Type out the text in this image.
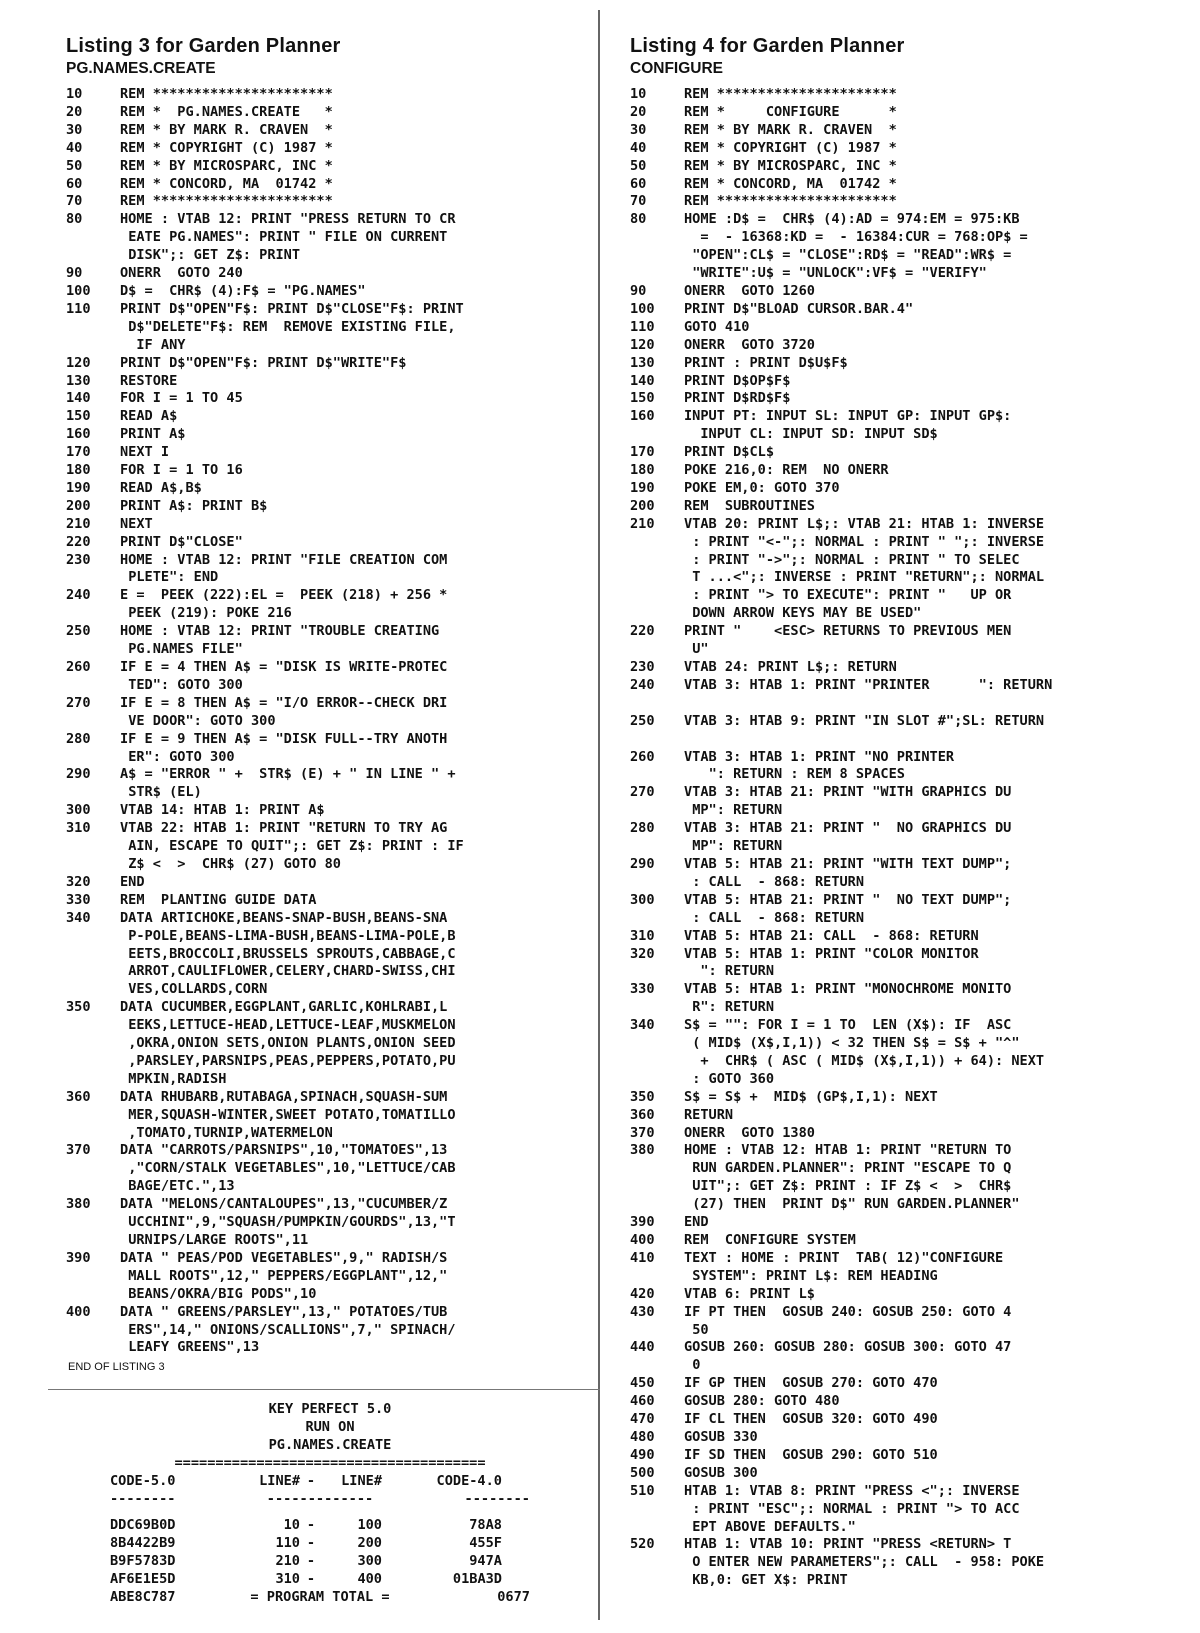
Listing 3 for Garden Planner
PG.NAMES.CREATE
10	REM **********************
20	REM *  PG.NAMES.CREATE   *
30	REM * BY MARK R. CRAVEN  *
40	REM * COPYRIGHT (C) 1987 *
50	REM * BY MICROSPARC, INC *
60	REM * CONCORD, MA  01742 *
70	REM **********************
80	HOME : VTAB 12: PRINT "PRESS RETURN TO CR
EATE PG.NAMES": PRINT " FILE ON CURRENT
DISK";: GET Z$: PRINT
90	ONERR  GOTO 240
100	D$ =  CHR$ (4):F$ = "PG.NAMES"
110	PRINT D$"OPEN"F$: PRINT D$"CLOSE"F$: PRINT
D$"DELETE"F$: REM  REMOVE EXISTING FILE,
IF ANY
120	PRINT D$"OPEN"F$: PRINT D$"WRITE"F$
130	RESTORE
140	FOR I = 1 TO 45
150	READ A$
160	PRINT A$
170	NEXT I
180	FOR I = 1 TO 16
190	READ A$,B$
200	PRINT A$: PRINT B$
210	NEXT
220	PRINT D$"CLOSE"
230	HOME : VTAB 12: PRINT "FILE CREATION COM
PLETE": END
240	E =  PEEK (222):EL =  PEEK (218) + 256 *
PEEK (219): POKE 216
250	HOME : VTAB 12: PRINT "TROUBLE CREATING
PG.NAMES FILE"
260	IF E = 4 THEN A$ = "DISK IS WRITE-PROTEC
TED": GOTO 300
270	IF E = 8 THEN A$ = "I/O ERROR--CHECK DRI
VE DOOR": GOTO 300
280	IF E = 9 THEN A$ = "DISK FULL--TRY ANOTH
ER": GOTO 300
290	A$ = "ERROR " +  STR$ (E) + " IN LINE " +
STR$ (EL)
300	VTAB 14: HTAB 1: PRINT A$
310	VTAB 22: HTAB 1: PRINT "RETURN TO TRY AG
AIN, ESCAPE TO QUIT";: GET Z$: PRINT : IF
Z$ <  >  CHR$ (27) GOTO 80
320	END
330	REM  PLANTING GUIDE DATA
340	DATA ARTICHOKE,BEANS-SNAP-BUSH,BEANS-SNA
P-POLE,BEANS-LIMA-BUSH,BEANS-LIMA-POLE,B
EETS,BROCCOLI,BRUSSELS SPROUTS,CABBAGE,C
ARROT,CAULIFLOWER,CELERY,CHARD-SWISS,CHI
VES,COLLARDS,CORN
350	DATA CUCUMBER,EGGPLANT,GARLIC,KOHLRABI,L
EEKS,LETTUCE-HEAD,LETTUCE-LEAF,MUSKMELON
,OKRA,ONION SETS,ONION PLANTS,ONION SEED
,PARSLEY,PARSNIPS,PEAS,PEPPERS,POTATO,PU
MPKIN,RADISH
360	DATA RHUBARB,RUTABAGA,SPINACH,SQUASH-SUM
MER,SQUASH-WINTER,SWEET POTATO,TOMATILLO
,TOMATO,TURNIP,WATERMELON
370	DATA "CARROTS/PARSNIPS",10,"TOMATOES",13
,"CORN/STALK VEGETABLES",10,"LETTUCE/CAB
BAGE/ETC.",13
380	DATA "MELONS/CANTALOUPES",13,"CUCUMBER/Z
UCCHINI",9,"SQUASH/PUMPKIN/GOURDS",13,"T
URNIPS/LARGE ROOTS",11
390	DATA " PEAS/POD VEGETABLES",9," RADISH/S
MALL ROOTS",12," PEPPERS/EGGPLANT",12,"
BEANS/OKRA/BIG PODS",10
400	DATA " GREENS/PARSLEY",13," POTATOES/TUB
ERS",14," ONIONS/SCALLIONS",7," SPINACH/
LEAFY GREENS",13
END OF LISTING 3
KEY PERFECT 5.0
RUN ON
PG.NAMES.CREATE
======================================
CODE-5.0	LINE# -	LINE#	CODE-4.0
--------	-------------	--------
DDC69B0D	10 -	100	78A8
8B4422B9	110 -	200	455F
B9F5783D	210 -	300	947A
AF6E1E5D	310 -	400	01BA3D
ABE8C787	= PROGRAM TOTAL =	0677
Listing 4 for Garden Planner
CONFIGURE
10	REM **********************
20	REM *     CONFIGURE      *
30	REM * BY MARK R. CRAVEN  *
40	REM * COPYRIGHT (C) 1987 *
50	REM * BY MICROSPARC, INC *
60	REM * CONCORD, MA  01742 *
70	REM **********************
80	HOME :D$ =  CHR$ (4):AD = 974:EM = 975:KB
=  - 16368:KD =  - 16384:CUR = 768:OP$ =
"OPEN":CL$ = "CLOSE":RD$ = "READ":WR$ =
"WRITE":U$ = "UNLOCK":VF$ = "VERIFY"
90	ONERR  GOTO 1260
100	PRINT D$"BLOAD CURSOR.BAR.4"
110	GOTO 410
120	ONERR  GOTO 3720
130	PRINT : PRINT D$U$F$
140	PRINT D$OP$F$
150	PRINT D$RD$F$
160	INPUT PT: INPUT SL: INPUT GP: INPUT GP$:
INPUT CL: INPUT SD: INPUT SD$
170	PRINT D$CL$
180	POKE 216,0: REM  NO ONERR
190	POKE EM,0: GOTO 370
200	REM  SUBROUTINES
210	VTAB 20: PRINT L$;: VTAB 21: HTAB 1: INVERSE
: PRINT "<-";: NORMAL : PRINT " ";: INVERSE
: PRINT "->";: NORMAL : PRINT " TO SELEC
T ...<";: INVERSE : PRINT "RETURN";: NORMAL
: PRINT "> TO EXECUTE": PRINT "   UP OR
DOWN ARROW KEYS MAY BE USED"
220	PRINT "    <ESC> RETURNS TO PREVIOUS MEN
U"
230	VTAB 24: PRINT L$;: RETURN
240	VTAB 3: HTAB 1: PRINT "PRINTER      ": RETURN

250	VTAB 3: HTAB 9: PRINT "IN SLOT #";SL: RETURN

260	VTAB 3: HTAB 1: PRINT "NO PRINTER
": RETURN : REM 8 SPACES
270	VTAB 3: HTAB 21: PRINT "WITH GRAPHICS DU
MP": RETURN
280	VTAB 3: HTAB 21: PRINT "  NO GRAPHICS DU
MP": RETURN
290	VTAB 5: HTAB 21: PRINT "WITH TEXT DUMP";
: CALL  - 868: RETURN
300	VTAB 5: HTAB 21: PRINT "  NO TEXT DUMP";
: CALL  - 868: RETURN
310	VTAB 5: HTAB 21: CALL  - 868: RETURN
320	VTAB 5: HTAB 1: PRINT "COLOR MONITOR
": RETURN
330	VTAB 5: HTAB 1: PRINT "MONOCHROME MONITO
R": RETURN
340	S$ = "": FOR I = 1 TO  LEN (X$): IF  ASC
( MID$ (X$,I,1)) < 32 THEN S$ = S$ + "^"
+  CHR$ ( ASC ( MID$ (X$,I,1)) + 64): NEXT
: GOTO 360
350	S$ = S$ +  MID$ (GP$,I,1): NEXT
360	RETURN
370	ONERR  GOTO 1380
380	HOME : VTAB 12: HTAB 1: PRINT "RETURN TO
RUN GARDEN.PLANNER": PRINT "ESCAPE TO Q
UIT";: GET Z$: PRINT : IF Z$ <  >  CHR$
(27) THEN  PRINT D$" RUN GARDEN.PLANNER"
390	END
400	REM  CONFIGURE SYSTEM
410	TEXT : HOME : PRINT  TAB( 12)"CONFIGURE
SYSTEM": PRINT L$: REM HEADING
420	VTAB 6: PRINT L$
430	IF PT THEN  GOSUB 240: GOSUB 250: GOTO 4
50
440	GOSUB 260: GOSUB 280: GOSUB 300: GOTO 47
0
450	IF GP THEN  GOSUB 270: GOTO 470
460	GOSUB 280: GOTO 480
470	IF CL THEN  GOSUB 320: GOTO 490
480	GOSUB 330
490	IF SD THEN  GOSUB 290: GOTO 510
500	GOSUB 300
510	HTAB 1: VTAB 8: PRINT "PRESS <";: INVERSE
: PRINT "ESC";: NORMAL : PRINT "> TO ACC
EPT ABOVE DEFAULTS."
520	HTAB 1: VTAB 10: PRINT "PRESS <RETURN> T
O ENTER NEW PARAMETERS";: CALL  - 958: POKE
KB,0: GET X$: PRINT
